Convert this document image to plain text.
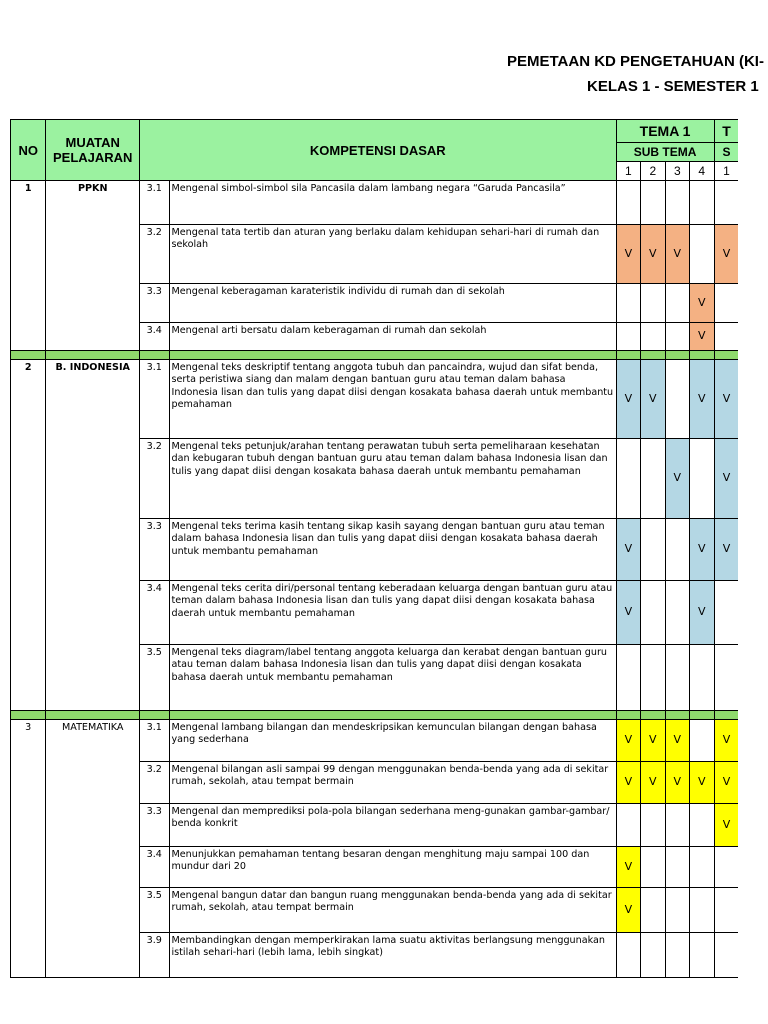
PEMETAAN KD PENGETAHUAN (KI-
KELAS 1 - SEMESTER 1
NO	MUATAN PELAJARAN	KOMPETENSI DASAR		TEMA 1				T	
				SUB TEMA				S	
				1	2	3	4	1	
1	PPKN	3.1	Mengenal simbol-simbol sila Pancasila dalam lambang negara “Garuda Pancasila”						
		3.2	Mengenal tata tertib dan aturan yang berlaku dalam kehidupan sehari-hari di rumah dan sekolah	V	V	V		V	
		3.3	Mengenal keberagaman karateristik individu di rumah dan di sekolah				V		
		3.4	Mengenal arti bersatu dalam keberagaman di rumah dan sekolah				V		

2	B. INDONESIA	3.1	Mengenal teks deskriptif tentang anggota tubuh dan pancaindra, wujud dan sifat benda, serta peristiwa siang dan malam dengan bantuan guru atau teman dalam bahasa Indonesia lisan dan tulis yang dapat diisi dengan kosakata bahasa daerah untuk membantu pemahaman	V	V		V	V	
		3.2	Mengenal teks petunjuk/arahan tentang perawatan tubuh serta pemeliharaan kesehatan dan kebugaran tubuh dengan bantuan guru atau teman dalam bahasa Indonesia lisan dan tulis yang dapat diisi dengan kosakata bahasa daerah untuk membantu pemahaman			V		V	
		3.3	Mengenal teks terima kasih tentang sikap kasih sayang dengan bantuan guru atau teman dalam bahasa Indonesia lisan dan tulis yang dapat diisi dengan kosakata bahasa daerah untuk membantu pemahaman	V			V	V	
		3.4	Mengenal teks cerita diri/personal tentang keberadaan keluarga dengan bantuan guru atau teman dalam bahasa Indonesia lisan dan tulis yang dapat diisi dengan kosakata bahasa daerah untuk membantu pemahaman	V			V		
		3.5	Mengenal teks diagram/label tentang anggota keluarga dan kerabat dengan bantuan guru atau teman dalam bahasa Indonesia lisan dan tulis yang dapat diisi dengan kosakata bahasa daerah untuk membantu pemahaman						

3	MATEMATIKA	3.1	Mengenal lambang bilangan dan mendeskripsikan kemunculan bilangan dengan bahasa yang sederhana	V	V	V		V	
		3.2	Mengenal bilangan asli sampai 99 dengan menggunakan benda-benda yang ada di sekitar rumah, sekolah, atau tempat bermain	V	V	V	V	V	
		3.3	Mengenal dan memprediksi pola-pola bilangan sederhana meng-gunakan gambar-gambar/ benda konkrit					V	
		3.4	Menunjukkan pemahaman tentang besaran dengan menghitung maju sampai 100 dan mundur dari 20	V					
		3.5	Mengenal bangun datar dan bangun ruang menggunakan benda-benda yang ada di sekitar rumah, sekolah, atau tempat bermain	V					
		3.9	Membandingkan dengan memperkirakan lama suatu aktivitas berlangsung menggunakan istilah sehari-hari (lebih lama, lebih singkat)						
